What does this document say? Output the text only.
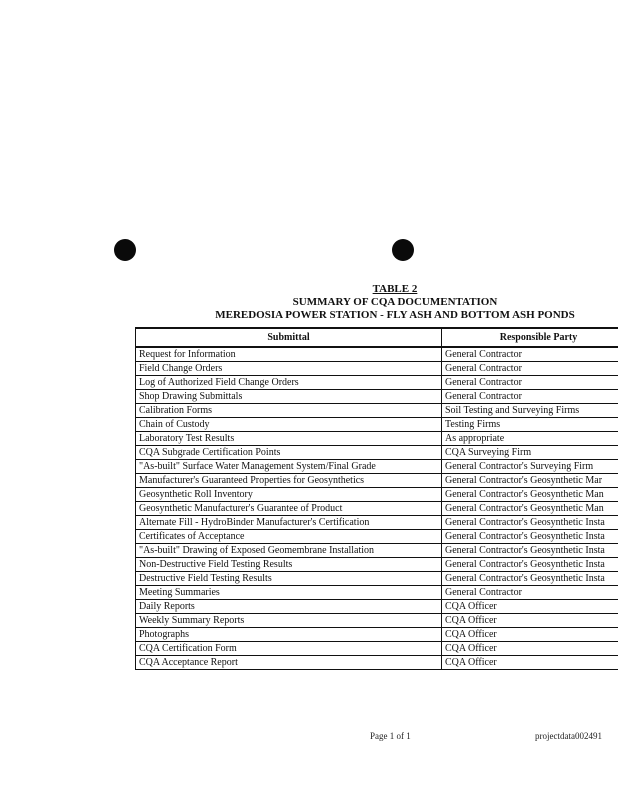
TABLE 2
SUMMARY OF CQA DOCUMENTATION
MEREDOSIA POWER STATION - FLY ASH AND BOTTOM ASH PONDS
Submittal	Responsible Party
Request for Information	General Contractor
Field Change Orders	General Contractor
Log of Authorized Field Change Orders	General Contractor
Shop Drawing Submittals	General Contractor
Calibration Forms	Soil Testing and Surveying Firms
Chain of Custody	Testing Firms
Laboratory Test Results	As appropriate
CQA Subgrade Certification Points	CQA Surveying Firm
"As-built" Surface Water Management System/Final Grade	General Contractor's Surveying Firm
Manufacturer's Guaranteed Properties for Geosynthetics	General Contractor's Geosynthetic Mar
Geosynthetic Roll Inventory	General Contractor's Geosynthetic Man
Geosynthetic Manufacturer's Guarantee of Product	General Contractor's Geosynthetic Man
Alternate Fill - HydroBinder Manufacturer's Certification	General Contractor's Geosynthetic Insta
Certificates of Acceptance	General Contractor's Geosynthetic Insta
"As-built" Drawing of Exposed Geomembrane Installation	General Contractor's Geosynthetic Insta
Non-Destructive Field Testing Results	General Contractor's Geosynthetic Insta
Destructive Field Testing Results	General Contractor's Geosynthetic Insta
Meeting Summaries	General Contractor
Daily Reports	CQA Officer
Weekly Summary Reports	CQA Officer
Photographs	CQA Officer
CQA Certification Form	CQA Officer
CQA Acceptance Report	CQA Officer
Page 1 of 1	projectdata002491
